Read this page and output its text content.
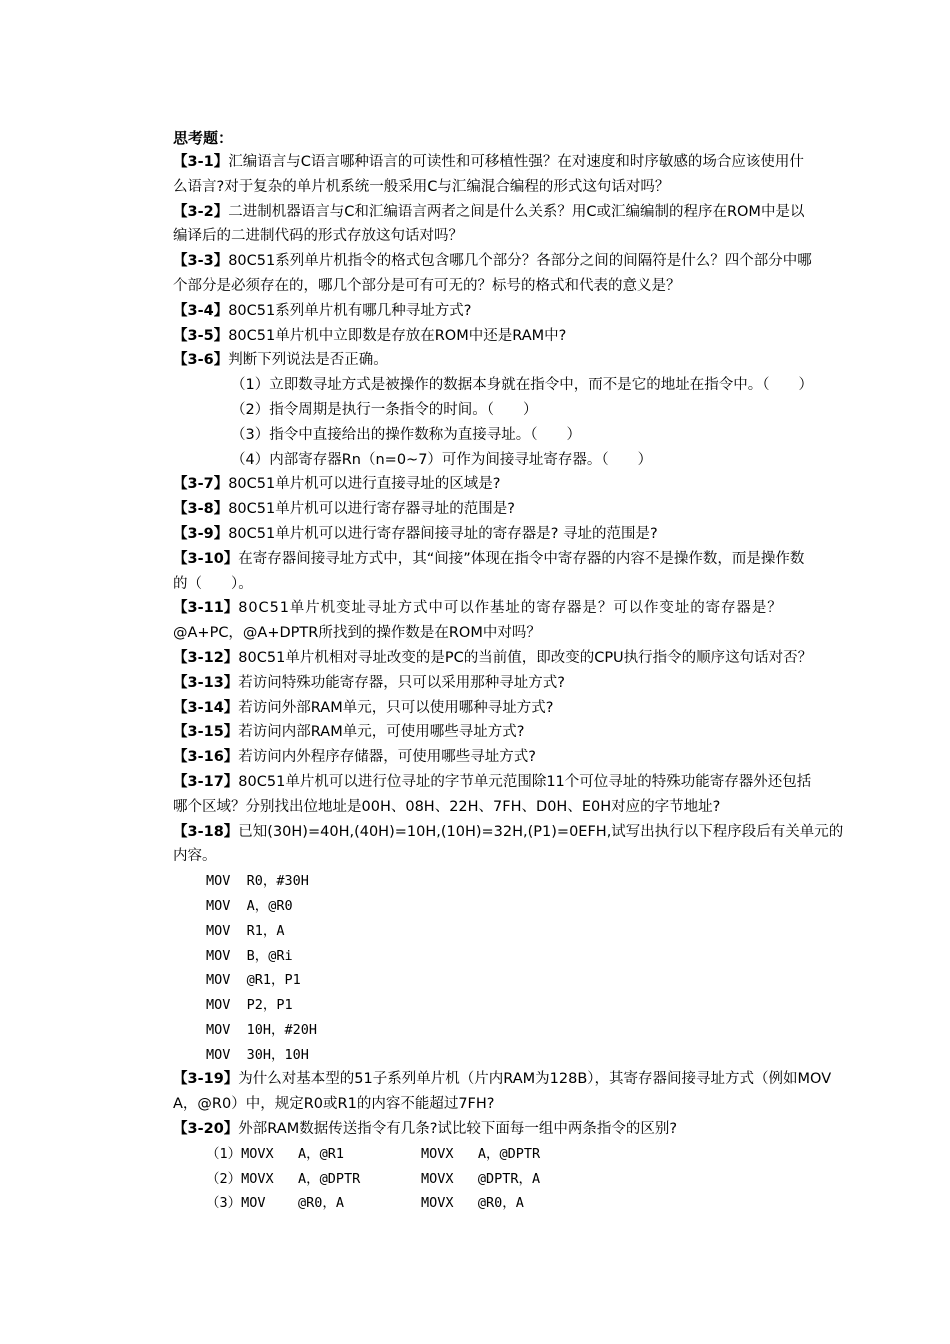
思考题：
【3-1】汇编语言与C语言哪种语言的可读性和可移植性强？在对速度和时序敏感的场合应该使用什
么语言?对于复杂的单片机系统一般采用C与汇编混合编程的形式这句话对吗？
【3-2】二进制机器语言与C和汇编语言两者之间是什么关系？用C或汇编编制的程序在ROM中是以
编译后的二进制代码的形式存放这句话对吗？
【3-3】80C51系列单片机指令的格式包含哪几个部分？各部分之间的间隔符是什么？四个部分中哪
个部分是必须存在的，哪几个部分是可有可无的？标号的格式和代表的意义是？
【3-4】80C51系列单片机有哪几种寻址方式?
【3-5】80C51单片机中立即数是存放在ROM中还是RAM中?
【3-6】判断下列说法是否正确。
（1）立即数寻址方式是被操作的数据本身就在指令中，而不是它的地址在指令中。（　　）
（2）指令周期是执行一条指令的时间。（　　）
（3）指令中直接给出的操作数称为直接寻址。（　　）
（4）内部寄存器Rn（n=0~7）可作为间接寻址寄存器。（　　）
【3-7】80C51单片机可以进行直接寻址的区域是?
【3-8】80C51单片机可以进行寄存器寻址的范围是?
【3-9】80C51单片机可以进行寄存器间接寻址的寄存器是? 寻址的范围是?
【3-10】在寄存器间接寻址方式中，其“间接”体现在指令中寄存器的内容不是操作数，而是操作数
的（　　）。
【3-11】80C51单片机变址寻址方式中可以作基址的寄存器是？可以作变址的寄存器是？
@A+PC，@A+DPTR所找到的操作数是在ROM中对吗？
【3-12】80C51单片机相对寻址改变的是PC的当前值，即改变的CPU执行指令的顺序这句话对否？
【3-13】若访问特殊功能寄存器，只可以采用那种寻址方式?
【3-14】若访问外部RAM单元，只可以使用哪种寻址方式?
【3-15】若访问内部RAM单元，可使用哪些寻址方式?
【3-16】若访问内外程序存储器，可使用哪些寻址方式?
【3-17】80C51单片机可以进行位寻址的字节单元范围除11个可位寻址的特殊功能寄存器外还包括
哪个区域？分别找出位地址是00H、08H、22H、7FH、D0H、E0H对应的字节地址?
【3-18】已知(30H)=40H,(40H)=10H,(10H)=32H,(P1)=0EFH,试写出执行以下程序段后有关单元的
内容。
MOV  R0，#30H
MOV  A，@R0
MOV  R1，A
MOV  B，@Ri
MOV  @R1，P1
MOV  P2，P1
MOV  10H，#20H
MOV  30H，10H
【3-19】为什么对基本型的51子系列单片机（片内RAM为128B），其寄存器间接寻址方式（例如MOV
A，@R0）中，规定R0或R1的内容不能超过7FH?
【3-20】外部RAM数据传送指令有几条?试比较下面每一组中两条指令的区别?
（1）MOVX   A，@R1	MOVX   A，@DPTR
（2）MOVX   A，@DPTR	MOVX   @DPTR，A
（3）MOV    @R0，A	MOVX   @R0，A
